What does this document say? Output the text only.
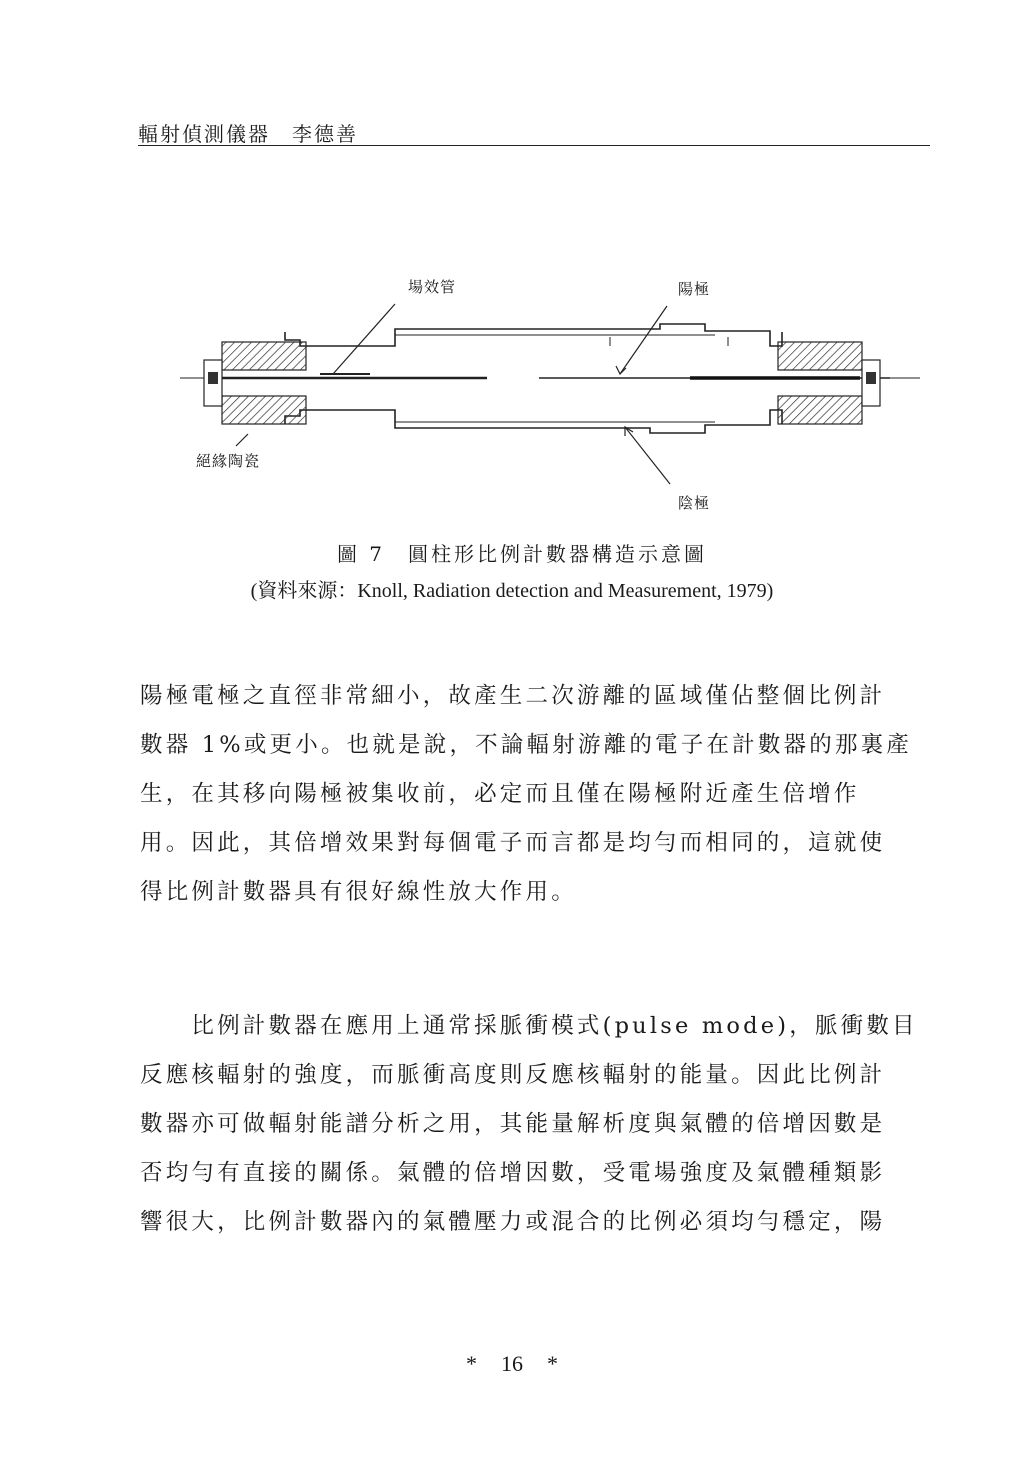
輻射偵測儀器 李德善
場效管	陽極
絕緣陶瓷
陰極
圖 7　圓柱形比例計數器構造示意圖
(資料來源：Knoll, Radiation detection and Measurement, 1979)
陽極電極之直徑非常細小，故產生二次游離的區域僅佔整個比例計
數器 1%或更小。也就是說，不論輻射游離的電子在計數器的那裏產
生，在其移向陽極被集收前，必定而且僅在陽極附近產生倍增作
用。因此，其倍增效果對每個電子而言都是均勻而相同的，這就使
得比例計數器具有很好線性放大作用。
　　比例計數器在應用上通常採脈衝模式(pulse mode)，脈衝數目
反應核輻射的強度，而脈衝高度則反應核輻射的能量。因此比例計
數器亦可做輻射能譜分析之用，其能量解析度與氣體的倍增因數是
否均勻有直接的關係。氣體的倍增因數，受電場強度及氣體種類影
響很大，比例計數器內的氣體壓力或混合的比例必須均勻穩定，陽
* 16 *
